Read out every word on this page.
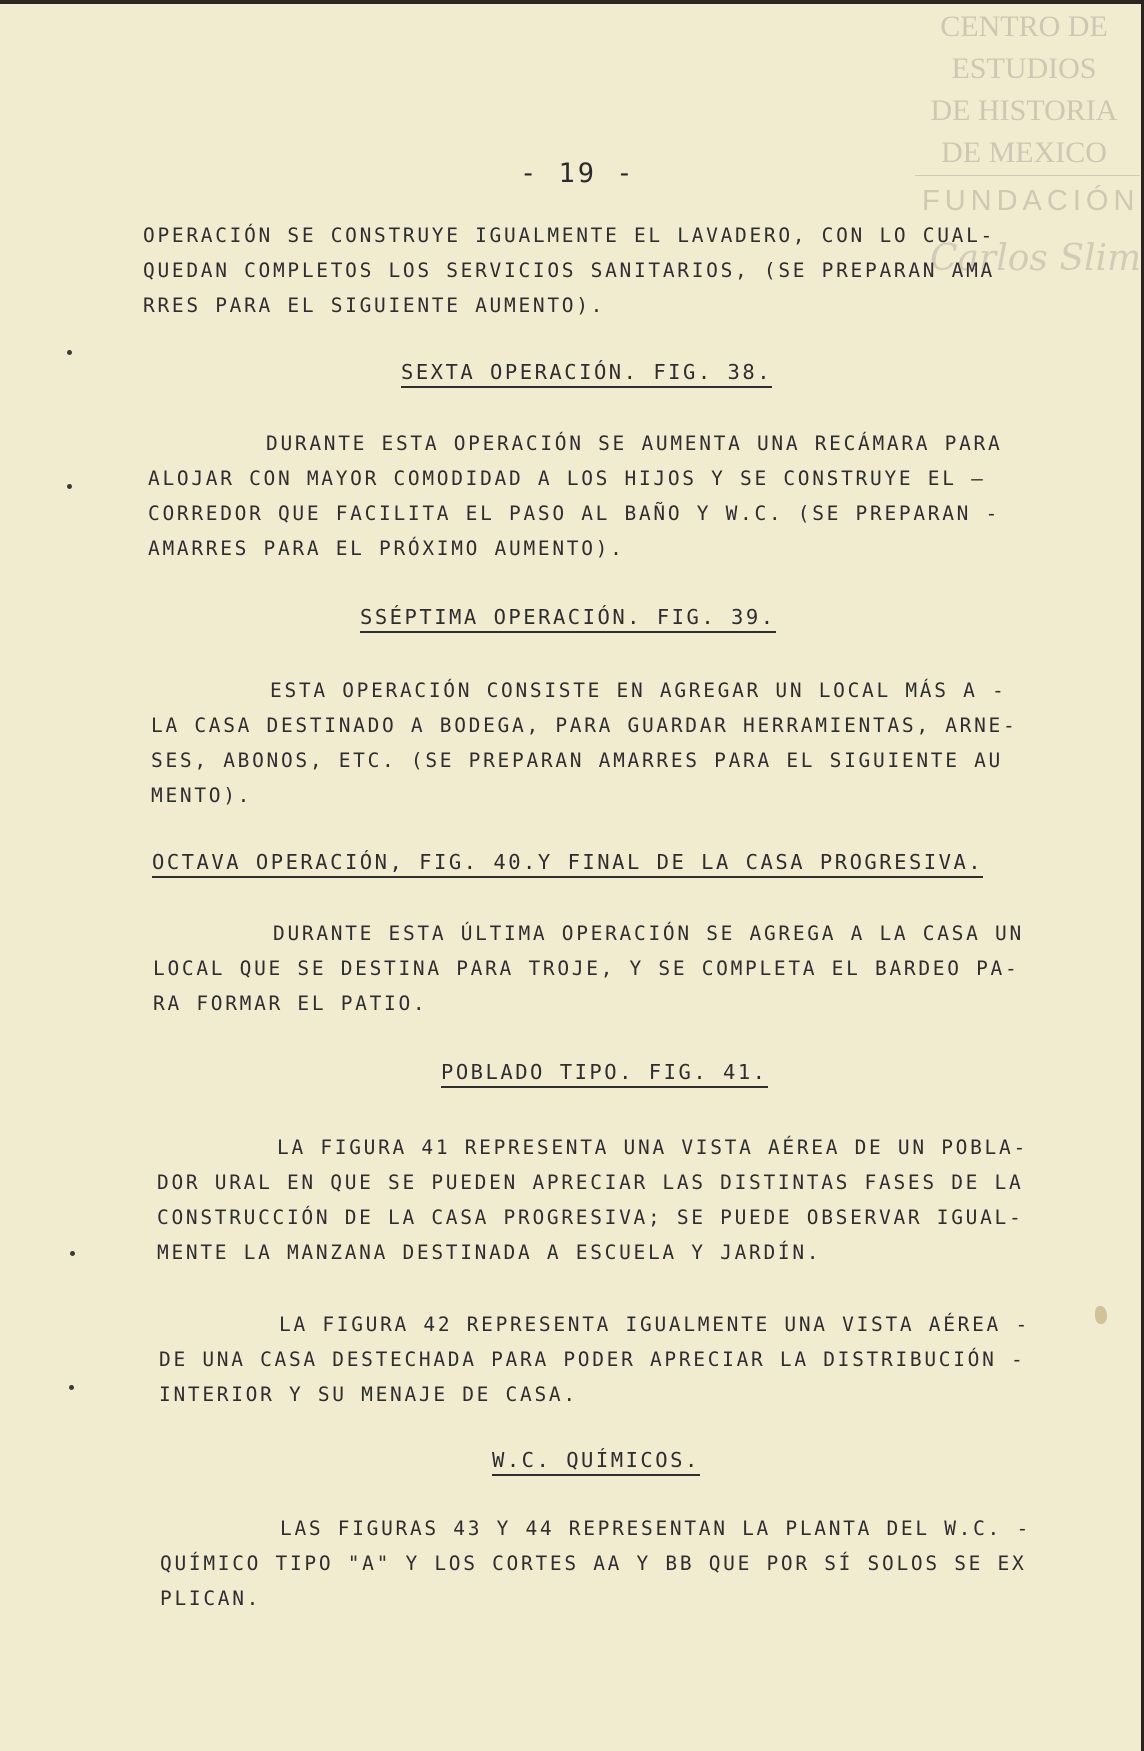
CENTRO DE
ESTUDIOS
DE HISTORIA
DE MEXICO
FUNDACIÓN
Carlos Slim
- 19 -
OPERACIÓN SE CONSTRUYE IGUALMENTE EL LAVADERO, CON LO CUAL-
QUEDAN COMPLETOS LOS SERVICIOS SANITARIOS, (SE PREPARAN AMA
RRES PARA EL SIGUIENTE AUMENTO).
SEXTA OPERACIÓN. FIG. 38.
DURANTE ESTA OPERACIÓN SE AUMENTA UNA RECÁMARA PARA
ALOJAR CON MAYOR COMODIDAD A LOS HIJOS Y SE CONSTRUYE EL —
CORREDOR QUE FACILITA EL PASO AL BAÑO Y W.C. (SE PREPARAN -
AMARRES PARA EL PRÓXIMO AUMENTO).
SSÉPTIMA OPERACIÓN. FIG. 39.
ESTA OPERACIÓN CONSISTE EN AGREGAR UN LOCAL MÁS A -
LA CASA DESTINADO A BODEGA, PARA GUARDAR HERRAMIENTAS, ARNE-
SES, ABONOS, ETC. (SE PREPARAN AMARRES PARA EL SIGUIENTE AU
MENTO).
OCTAVA OPERACIÓN, FIG. 40.Y FINAL DE LA CASA PROGRESIVA.
DURANTE ESTA ÚLTIMA OPERACIÓN SE AGREGA A LA CASA UN
LOCAL QUE SE DESTINA PARA TROJE, Y SE COMPLETA EL BARDEO PA-
RA FORMAR EL PATIO.
POBLADO TIPO. FIG. 41.
LA FIGURA 41 REPRESENTA UNA VISTA AÉREA DE UN POBLA-
DOR URAL EN QUE SE PUEDEN APRECIAR LAS DISTINTAS FASES DE LA
CONSTRUCCIÓN DE LA CASA PROGRESIVA; SE PUEDE OBSERVAR IGUAL-
MENTE LA MANZANA DESTINADA A ESCUELA Y JARDÍN.
LA FIGURA 42 REPRESENTA IGUALMENTE UNA VISTA AÉREA -
DE UNA CASA DESTECHADA PARA PODER APRECIAR LA DISTRIBUCIÓN -
INTERIOR Y SU MENAJE DE CASA.
W.C. QUÍMICOS.
LAS FIGURAS 43 Y 44 REPRESENTAN LA PLANTA DEL W.C. -
QUÍMICO TIPO "A" Y LOS CORTES AA Y BB QUE POR SÍ SOLOS SE EX
PLICAN.
